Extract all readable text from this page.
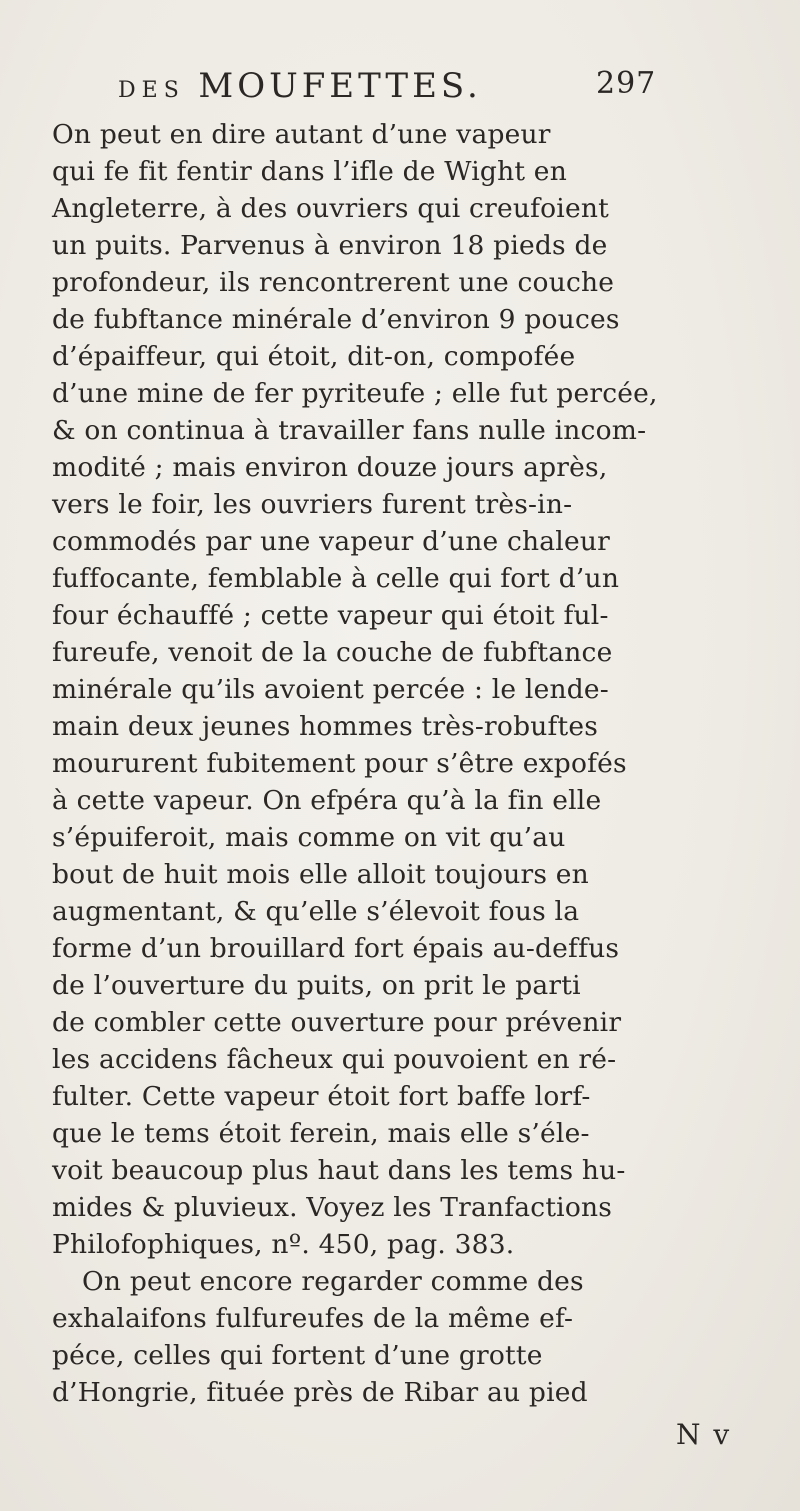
DES MOUFETTES.	297
On peut en dire autant d’une vapeur
qui fe fit fentir dans l’ifle de Wight en
Angleterre, à des ouvriers qui creufoient
un puits. Parvenus à environ 18 pieds de
profondeur, ils rencontrerent une couche
de fubftance minérale d’environ 9 pouces
d’épaiffeur, qui étoit, dit-on, compofée
d’une mine de fer pyriteufe ; elle fut percée,
& on continua à travailler fans nulle incom-
modité ; mais environ douze jours après,
vers le foir, les ouvriers furent très-in-
commodés par une vapeur d’une chaleur
fuffocante, femblable à celle qui fort d’un
four échauffé ; cette vapeur qui étoit ful-
fureufe, venoit de la couche de fubftance
minérale qu’ils avoient percée : le lende-
main deux jeunes hommes très-robuftes
moururent fubitement pour s’être expofés
à cette vapeur. On efpéra qu’à la fin elle
s’épuiferoit, mais comme on vit qu’au
bout de huit mois elle alloit toujours en
augmentant, & qu’elle s’élevoit fous la
forme d’un brouillard fort épais au-deffus
de l’ouverture du puits, on prit le parti
de combler cette ouverture pour prévenir
les accidens fâcheux qui pouvoient en ré-
fulter. Cette vapeur étoit fort baffe lorf-
que le tems étoit ferein, mais elle s’éle-
voit beaucoup plus haut dans les tems hu-
mides & pluvieux. Voyez les Tranfactions
Philofophiques, nº. 450, pag. 383.
On peut encore regarder comme des
exhalaifons fulfureufes de la même ef-
péce, celles qui fortent d’une grotte
d’Hongrie, fituée près de Ribar au pied
N v
